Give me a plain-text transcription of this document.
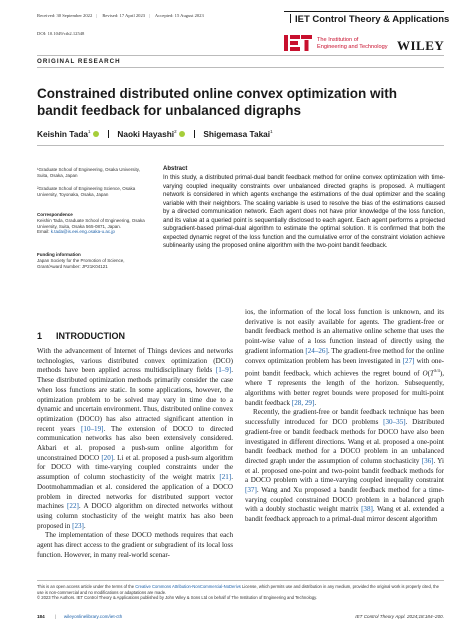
Received: 30 September 2022 | Revised: 17 April 2023 | Accepted: 15 August 2023
DOI: 10.1049/cth2.12548
IET Control Theory & Applications
The Institution of
Engineering and Technology WILEY
ORIGINAL RESEARCH
Constrained distributed online convex optimization with bandit feedback for unbalanced digraphs
Keishin Tada$^1$	Naoki Hayashi$^2$	Shigemasa Takai$^1$
¹Graduate School of Engineering, Osaka University, Suita, Osaka, Japan
²Graduate School of Engineering Science, Osaka University, Toyonaka, Osaka, Japan
Correspondence
Keishin Tada, Graduate School of Engineering, Osaka University, Suita, Osaka 565-0871, Japan.
Email: k.tada@is.eei.eng.osaka-u.ac.jp
Funding information
Japan Society for the Promotion of Science, Grant/Award Number: JP21K04121
Abstract
In this study, a distributed primal-dual bandit feedback method for online convex optimization with time-varying coupled inequality constraints over unbalanced directed graphs is proposed. A multiagent network is considered in which agents exchange the estimations of the dual optimizer and the scaling variable with their neighbors. The scaling variable is used to resolve the bias of the estimations caused by a directed communication network. Each agent does not have prior knowledge of the loss function, and its value at a queried point is sequentially disclosed to each agent. Each agent performs a projected subgradient-based primal-dual algorithm to estimate the optimal solution. It is confirmed that both the expected dynamic regret of the loss function and the cumulative error of the constraint violation achieve sublinearity using the proposed online algorithm with the two-point bandit feedback.
1 INTRODUCTION

With the advancement of Internet of Things devices and networks technologies, various distributed convex optimization (DCO) methods have been applied across multidisciplinary fields [1–9]. These distributed optimization methods primarily consider the case when loss functions are static. In some applications, however, the optimization problem to be solved may vary in time due to a dynamic and uncertain environment. Thus, distributed online convex optimization (DOCO) has also attracted significant attention in recent years [10–19]. The extension of DOCO to directed communication networks has also been extensively considered. Akbari et al. proposed a push-sum online algorithm for unconstrained DOCO [20]. Li et al. proposed a push-sum algorithm for DOCO with time-varying coupled constraints under the assumption of column stochasticity of the weight matrix [21]. Dootmohammadian et al. considered the application of a DOCO problem in directed networks for distributed support vector machines [22]. A DOCO algorithm on directed networks without using column stochasticity of the weight matrix has also been proposed in [23].

The implementation of these DOCO methods requires that each agent has direct access to the gradient or subgradient of its local loss function. However, in many real-world scenar-

ios, the information of the local loss function is unknown, and its derivative is not easily available for agents. The gradient-free or bandit feedback method is an alternative online scheme that uses the point-wise value of a loss function instead of directly using the gradient information [24–26]. The gradient-free method for the online convex optimization problem has been investigated in [27] with one-point bandit feedback, which achieves the regret bound of $O(T^{3/4})$, where T represents the length of the horizon. Subsequently, algorithms with better regret bounds were proposed for multi-point bandit feedback [28, 29].

Recently, the gradient-free or bandit feedback technique has been successfully introduced for DCO problems [30–35]. Distributed gradient-free or bandit feedback methods for DOCO have also been investigated in different directions. Wang et al. proposed a one-point bandit feedback method for a DOCO problem in an unbalanced directed graph under the assumption of column stochasticity [36]. Yi et al. proposed one-point and two-point bandit feedback methods for a DOCO problem with a time-varying coupled inequality constraint [37]. Wang and Xu proposed a bandit feedback method for a time-varying coupled constrained DOCO problem in a balanced graph with a doubly stochastic weight matrix [38]. Wang et al. extended a bandit feedback approach to a primal-dual mirror descent algorithm

This is an open access article under the terms of the Creative Commons Attribution-NonCommercial-NoDerivs License, which permits use and distribution in any medium, provided the original work is properly cited, the use is non-commercial and no modifications or adaptations are made.
© 2023 The Authors. IET Control Theory & Applications published by John Wiley & Sons Ltd on behalf of The Institution of Engineering and Technology.
184 | wileyonlinelibrary.com/iet-cth	IET Control Theory Appl. 2024;18:184–200.
